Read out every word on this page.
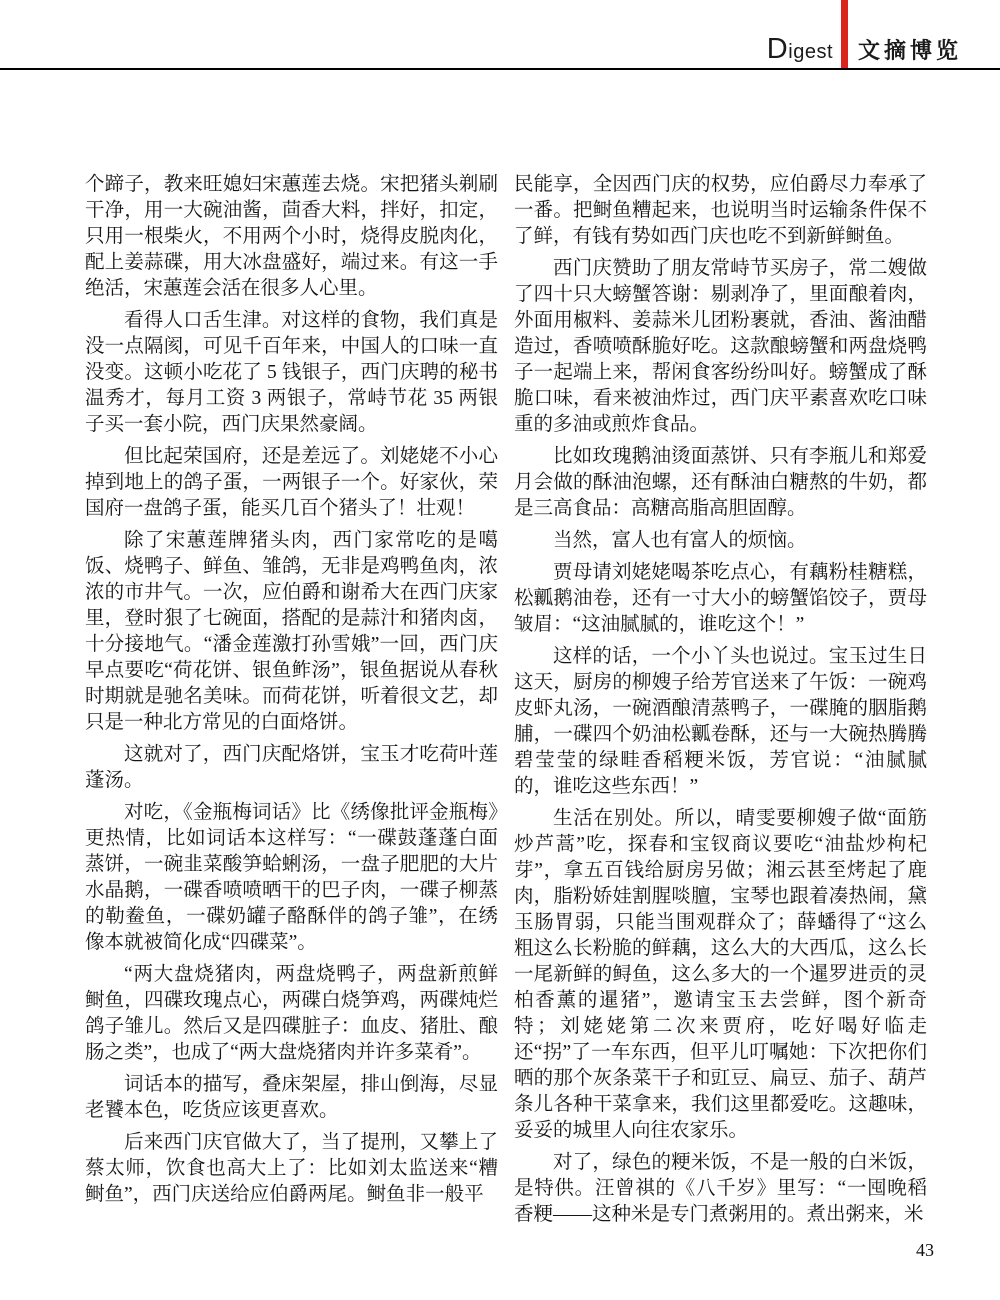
Digest 文摘博览

个蹄子，教来旺媳妇宋蕙莲去烧。宋把猪头剃刷干净，用一大碗油酱，茴香大料，拌好，扣定，只用一根柴火，不用两个小时，烧得皮脱肉化，配上姜蒜碟，用大冰盘盛好，端过来。有这一手绝活，宋蕙莲会活在很多人心里。

看得人口舌生津。对这样的食物，我们真是没一点隔阂，可见千百年来，中国人的口味一直没变。这顿小吃花了 5 钱银子，西门庆聘的秘书温秀才，每月工资 3 两银子，常峙节花 35 两银子买一套小院，西门庆果然豪阔。

但比起荣国府，还是差远了。刘姥姥不小心掉到地上的鸽子蛋，一两银子一个。好家伙，荣国府一盘鸽子蛋，能买几百个猪头了！壮观！

除了宋蕙莲牌猪头肉，西门家常吃的是噶饭、烧鸭子、鲜鱼、雏鸽，无非是鸡鸭鱼肉，浓浓的市井气。一次，应伯爵和谢希大在西门庆家里，登时狠了七碗面，搭配的是蒜汁和猪肉卤，十分接地气。“潘金莲激打孙雪娥”一回，西门庆早点要吃“荷花饼、银鱼鲊汤”，银鱼据说从春秋时期就是驰名美味。而荷花饼，听着很文艺，却只是一种北方常见的白面烙饼。

这就对了，西门庆配烙饼，宝玉才吃荷叶莲蓬汤。

对吃，《金瓶梅词话》比《绣像批评金瓶梅》更热情，比如词话本这样写：“一碟鼓蓬蓬白面蒸饼，一碗韭菜酸笋蛤蜊汤，一盘子肥肥的大片水晶鹅，一碟香喷喷晒干的巴子肉，一碟子柳蒸的勒鲞鱼，一碟奶罐子酪酥伴的鸽子雏”，在绣像本就被简化成“四碟菜”。

“两大盘烧猪肉，两盘烧鸭子，两盘新煎鲜鲥鱼，四碟玫瑰点心，两碟白烧笋鸡，两碟炖烂鸽子雏儿。然后又是四碟脏子：血皮、猪肚、酿肠之类”，也成了“两大盘烧猪肉并许多菜肴”。

词话本的描写，叠床架屋，排山倒海，尽显老饕本色，吃货应该更喜欢。

后来西门庆官做大了，当了提刑，又攀上了蔡太师，饮食也高大上了：比如刘太监送来“糟鲥鱼”，西门庆送给应伯爵两尾。鲥鱼非一般平

民能享，全因西门庆的权势，应伯爵尽力奉承了一番。把鲥鱼糟起来，也说明当时运输条件保不了鲜，有钱有势如西门庆也吃不到新鲜鲥鱼。

西门庆赞助了朋友常峙节买房子，常二嫂做了四十只大螃蟹答谢：剔剥净了，里面酿着肉，外面用椒料、姜蒜米儿团粉裹就，香油、酱油醋造过，香喷喷酥脆好吃。这款酿螃蟹和两盘烧鸭子一起端上来，帮闲食客纷纷叫好。螃蟹成了酥脆口味，看来被油炸过，西门庆平素喜欢吃口味重的多油或煎炸食品。

比如玫瑰鹅油烫面蒸饼、只有李瓶儿和郑爱月会做的酥油泡螺，还有酥油白糖熬的牛奶，都是三高食品：高糖高脂高胆固醇。

当然，富人也有富人的烦恼。

贾母请刘姥姥喝茶吃点心，有藕粉桂糖糕，松瓤鹅油卷，还有一寸大小的螃蟹馅饺子，贾母皱眉：“这油腻腻的，谁吃这个！”

这样的话，一个小丫头也说过。宝玉过生日这天，厨房的柳嫂子给芳官送来了午饭：一碗鸡皮虾丸汤，一碗酒酿清蒸鸭子，一碟腌的胭脂鹅脯，一碟四个奶油松瓤卷酥，还与一大碗热腾腾碧莹莹的绿畦香稻粳米饭，芳官说：“油腻腻的，谁吃这些东西！”

生活在别处。所以，晴雯要柳嫂子做“面筋炒芦蒿”吃，探春和宝钗商议要吃“油盐炒枸杞芽”，拿五百钱给厨房另做；湘云甚至烤起了鹿肉，脂粉娇娃割腥啖膻，宝琴也跟着凑热闹，黛玉肠胃弱，只能当围观群众了；薛蟠得了“这么粗这么长粉脆的鲜藕，这么大的大西瓜，这么长一尾新鲜的鲟鱼，这么多大的一个暹罗进贡的灵柏香薰的暹猪”，邀请宝玉去尝鲜，图个新奇特；刘姥姥第二次来贾府，吃好喝好临走还“拐”了一车东西，但平儿叮嘱她：下次把你们晒的那个灰条菜干子和豇豆、扁豆、茄子、葫芦条儿各种干菜拿来，我们这里都爱吃。这趣味，妥妥的城里人向往农家乐。

对了，绿色的粳米饭，不是一般的白米饭，是特供。汪曾祺的《八千岁》里写：“一囤晚稻香粳——这种米是专门煮粥用的。煮出粥来，米

43
